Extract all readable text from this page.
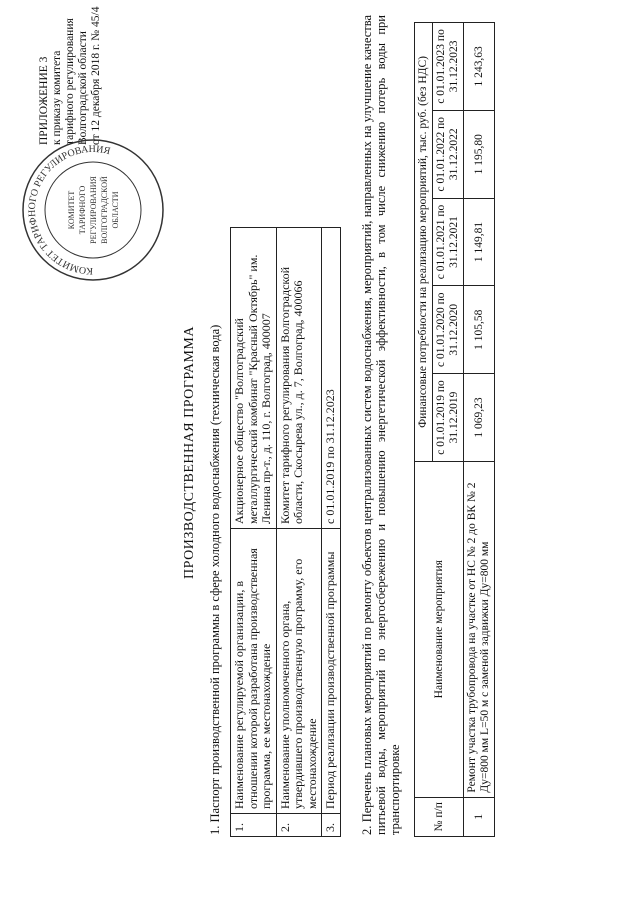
ПРИЛОЖЕНИЕ 3 к приказу комитета тарифного регулирования Волгоградской области от 12 декабря 2018 г. № 45/4
КОМИТЕТ ТАРИФНОГО РЕГУЛИРОВАНИЯ
КОМИТЕТ ТАРИФНОГО РЕГУЛИРОВАНИЯ ВОЛГОГРАДСКОЙ ОБЛАСТИ
ПРОИЗВОДСТВЕННАЯ ПРОГРАММА 1. Паспорт производственной программы в сфере холодного водоснабжения (техническая вода) 1.	Наименование регулируемой организации, в отношении которой разработана производственная программа, ее местонахождение	Акционерное общество "Волгоградский металлургический комбинат "Красный Октябрь" им. Ленина пр-т., д. 110, г. Волгоград, 400007
2.	Наименование уполномоченного органа, утвердившего производственную программу, его местонахождение	Комитет тарифного регулирования Волгоградской области, Скосырева ул., д. 7, Волгоград, 400066
3.	Период реализации производственной программы	с 01.01.2019 по 31.12.2023 2. Перечень плановых мероприятий по ремонту объектов централизованных систем водоснабжения, мероприятий, направленных на улучшение качества питьевой воды, мероприятий по энергосбережению и повышению энергетической эффективности, в том числе снижению потерь воды при транспортировке	№ п/п	Наименование мероприятия	Финансовые потребности на реализацию мероприятий, тыс. руб. (без НДС)				
		с 01.01.2019 по 31.12.2019	с 01.01.2020 по 31.12.2020	с 01.01.2021 по 31.12.2021	с 01.01.2022 по 31.12.2022	с 01.01.2023 по 31.12.2023
1	Ремонт участка трубопровода на участке от НС № 2 до ВК № 2 Ду=800 мм L=50 м с заменой задвижки Ду=800 мм	1 069,23	1 105,58	1 149,81	1 195,80	1 243,63
